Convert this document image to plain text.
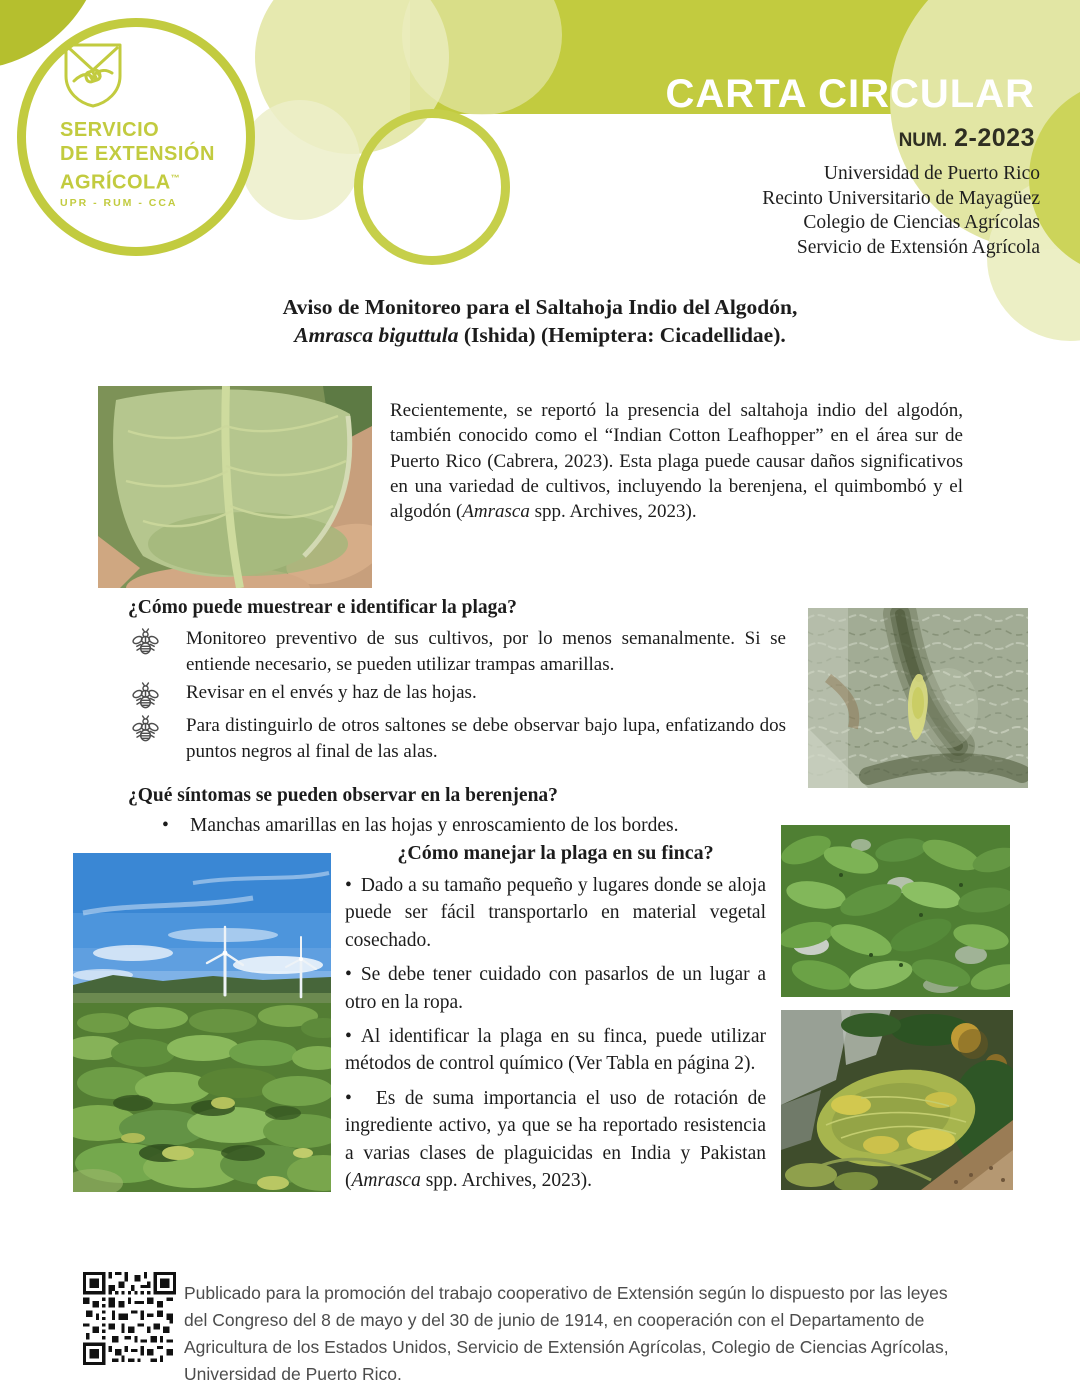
SERVICIO
DE EXTENSIÓN
AGRÍCOLA™
UPR - RUM - CCA
CARTA CIRCULAR
NUM. 2-2023
Universidad de Puerto Rico
Recinto Universitario de Mayagüez
Colegio de Ciencias Agrícolas
Servicio de Extensión Agrícola
Aviso de Monitoreo para el Saltahoja Indio del Algodón,
Amrasca biguttula (Ishida) (Hemiptera: Cicadellidae).

Recientemente, se reportó la presencia del saltahoja indio del algodón, también conocido como el “Indian Cotton Leafhopper” en el área sur de Puerto Rico (Cabrera, 2023). Esta plaga puede causar daños significativos en una variedad de cultivos, incluyendo la berenjena, el quimbombó y el algodón (Amrasca spp. Archives, 2023).

¿Cómo puede muestrear e identificar la plaga?
Monitoreo preventivo de sus cultivos, por lo menos semanalmente. Si se entiende necesario, se pueden utilizar trampas amarillas.
Revisar en el envés y haz de las hojas.
Para distinguirlo de otros saltones se debe observar bajo lupa, enfatizando dos puntos negros al final de las alas.
¿Qué síntomas se pueden observar en la berenjena?

• Manchas amarillas en las hojas y enroscamiento de los bordes.

¿Cómo manejar la plaga en su finca?

• Dado a su tamaño pequeño y lugares donde se aloja puede ser fácil transportarlo en material vegetal cosechado.

• Se debe tener cuidado con pasarlos de un lugar a otro en la ropa.

• Al identificar la plaga en su finca, puede utilizar métodos de control químico (Ver Tabla en página 2).

• Es de suma importancia el uso de rotación de ingrediente activo, ya que se ha reportado resistencia a varias clases de plaguicidas en India y Pakistan (Amrasca spp. Archives, 2023).

Publicado para la promoción del trabajo cooperativo de Extensión según lo dispuesto por las leyes del Congreso del 8 de mayo y del 30 de junio de 1914, en cooperación con el Departamento de Agricultura de los Estados Unidos, Servicio de Extensión Agrícolas, Colegio de Ciencias Agrícolas, Universidad de Puerto Rico.
